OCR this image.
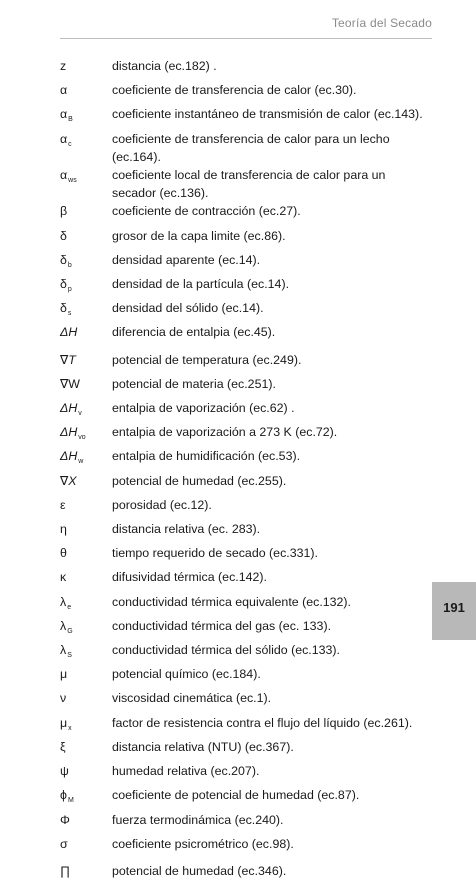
Teoría del Secado
z	distancia (ec.182) .
α	coeficiente de transferencia de calor (ec.30).
$\alpha_B$	coeficiente instantáneo de transmisión de calor (ec.143).
$\alpha_c$	coeficiente de transferencia de calor para un lecho (ec.164).
$\alpha_{ws}$	coeficiente local de transferencia de calor para un secador (ec.136).
β	coeficiente de contracción (ec.27).
δ	grosor de la capa limite (ec.86).
$\delta_b$	densidad aparente (ec.14).
$\delta_p$	densidad de la partícula (ec.14).
$\delta_s$	densidad del sólido (ec.14).
ΔH	diferencia de entalpia (ec.45).
∇T	potencial de temperatura (ec.249).
∇W	potencial de materia (ec.251).
$\Delta H_v$	entalpia de vaporización (ec.62) .
$\Delta H_{vo}$	entalpia de vaporización a 273 K (ec.72).
$\Delta H_w$	entalpia de humidificación (ec.53).
∇X	potencial de humedad (ec.255).
ε	porosidad (ec.12).
η	distancia relativa (ec. 283).
θ	tiempo requerido de secado (ec.331).
κ	difusividad térmica (ec.142).
$\lambda_e$	conductividad térmica equivalente (ec.132).
$\lambda_G$	conductividad térmica del gas (ec. 133).
$\lambda_S$	conductividad térmica del sólido (ec.133).
μ	potencial químico (ec.184).
ν	viscosidad cinemática (ec.1).
$\mu_x$	factor de resistencia contra el flujo del líquido (ec.261).
ξ	distancia relativa (NTU) (ec.367).
ψ	humedad relativa (ec.207).
$\phi_M$	coeficiente de potencial de humedad (ec.87).
Φ	fuerza termodinámica (ec.240).
σ	coeficiente psicrométrico (ec.98).
∏	potencial de humedad (ec.346).
191
